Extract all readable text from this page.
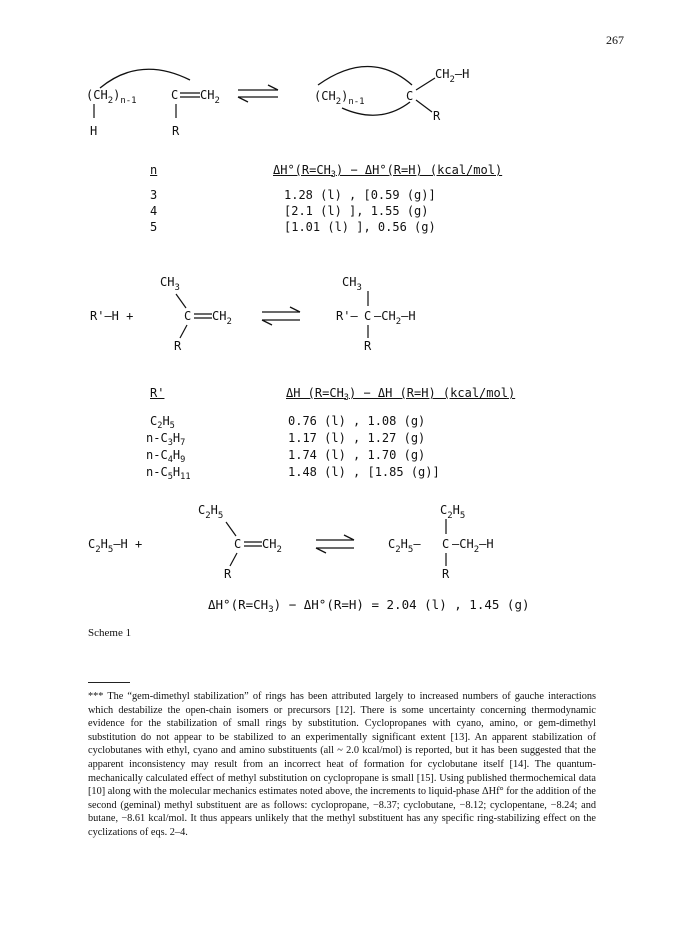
267
$(CH_2)_{n-1}$
H
C $CH_2$
R
$(CH_2)_{n-1}$	C
$CH_2—H$
R
n	$\Delta H^\circ(R=CH_3) - \Delta H^\circ(R=H)$ (kcal/mol)
3	1.28 (l) , [0.59 (g)]
4	[2.1 (l) ], 1.55 (g)
5	[1.01 (l) ], 0.56 (g)
R'—H +
$CH_3$
C $CH_2$
R
$CH_3$
R'— C $—CH_2—H$
R
R'	ΔH $(R=CH_3) - \Delta H$ (R=H) (kcal/mol)
$C_2H_5$	0.76 (l) , 1.08 (g)
$n-C_3H_7$	1.17 (l) , 1.27 (g)
$n-C_4H_9$	1.74 (l) , 1.70 (g)
$n-C_5H_{11}$	1.48 (l) , [1.85 (g)]
$C_2H_5—H$ +
$C_2H_5$
C $CH_2$
R
$C_2H_5$
$C_2H_5—$ C $—CH_2—H$
R
$\Delta H^\circ(R=CH_3) - \Delta H^\circ(R=H) = 2.04$ (l) , 1.45 (g)
Scheme 1
*** The “gem-dimethyl stabilization” of rings has been attributed largely to increased numbers of gauche interactions which destabilize the open-chain isomers or precursors [12]. There is some uncertainty concerning thermodynamic evidence for the stabilization of small rings by substitution. Cyclopropanes with cyano, amino, or gem-dimethyl substitution do not appear to be stabilized to an experimentally significant extent [13]. An apparent stabilization of cyclobutanes with ethyl, cyano and amino substituents (all ~ 2.0 kcal/mol) is reported, but it has been suggested that the apparent inconsistency may result from an incorrect heat of formation for cyclobutane itself [14]. The quantum-mechanically calculated effect of methyl substitution on cyclopropane is small [15]. Using published thermochemical data [10] along with the molecular mechanics estimates noted above, the increments to liquid-phase ΔHf° for the addition of the second (geminal) methyl substituent are as follows: cyclopropane, −8.37; cyclobutane, −8.12; cyclopentane, −8.24; and butane, −8.61 kcal/mol. It thus appears unlikely that the methyl substituent has any specific ring-stabilizing effect on the cyclizations of eqs. 2–4.
